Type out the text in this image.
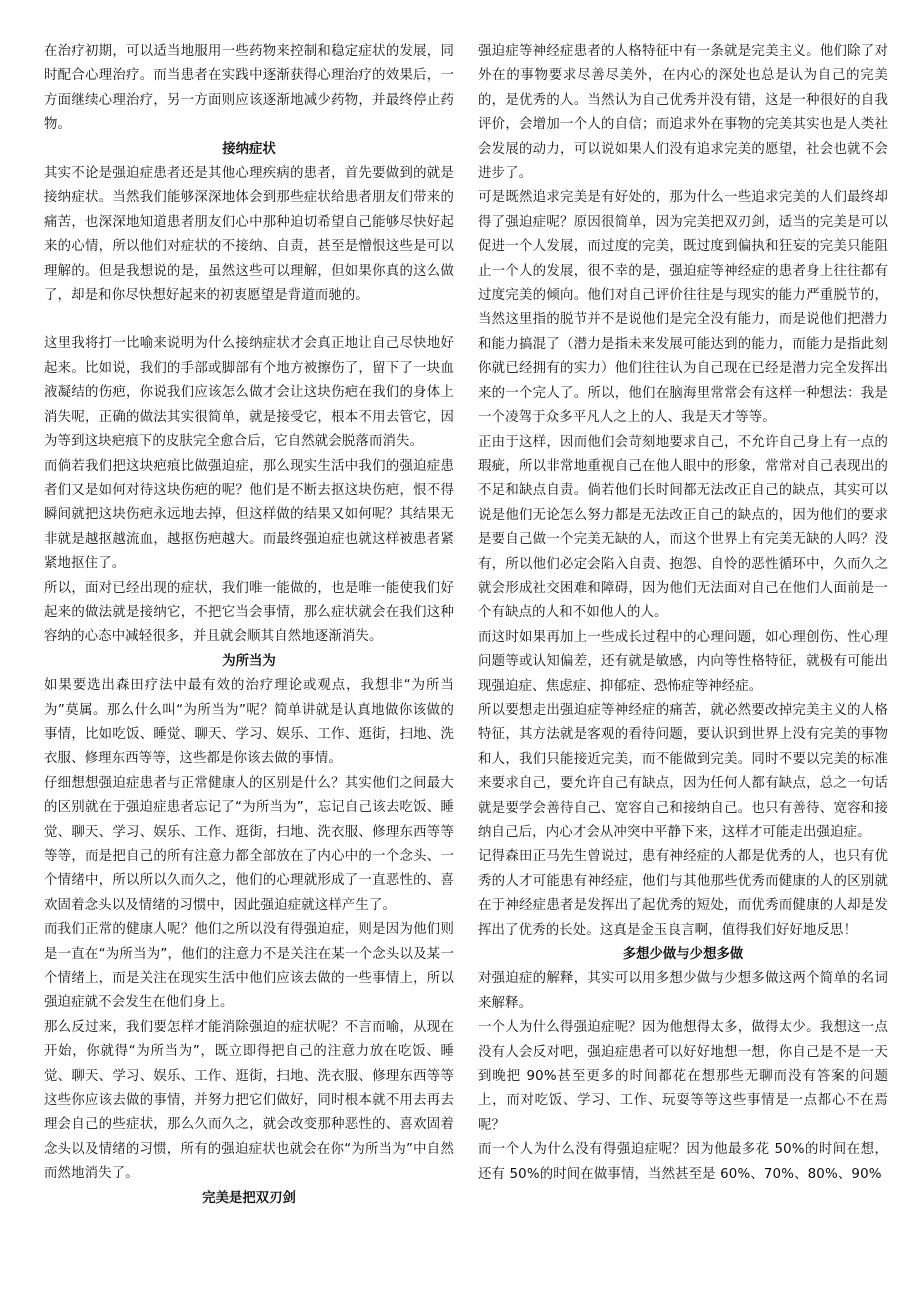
在治疗初期，可以适当地服用一些药物来控制和稳定症状的发展，同时配合心理治疗。而当患者在实践中逐渐获得心理治疗的效果后，一方面继续心理治疗，另一方面则应该逐渐地减少药物，并最终停止药物。

接纳症状

其实不论是强迫症患者还是其他心理疾病的患者，首先要做到的就是接纳症状。当然我们能够深深地体会到那些症状给患者朋友们带来的痛苦，也深深地知道患者朋友们心中那种迫切希望自己能够尽快好起来的心情，所以他们对症状的不接纳、自责，甚至是憎恨这些是可以理解的。但是我想说的是，虽然这些可以理解，但如果你真的这么做了，却是和你尽快想好起来的初衷愿望是背道而驰的。

这里我将打一比喻来说明为什么接纳症状才会真正地让自己尽快地好起来。比如说，我们的手部或脚部有个地方被擦伤了，留下了一块血液凝结的伤疤，你说我们应该怎么做才会让这块伤疤在我们的身体上消失呢，正确的做法其实很简单，就是接受它，根本不用去管它，因为等到这块疤痕下的皮肤完全愈合后，它自然就会脱落而消失。

而倘若我们把这块疤痕比做强迫症，那么现实生活中我们的强迫症患者们又是如何对待这块伤疤的呢？他们是不断去抠这块伤疤，恨不得瞬间就把这块伤疤永远地去掉，但这样做的结果又如何呢？其结果无非就是越抠越流血，越抠伤疤越大。而最终强迫症也就这样被患者紧紧地抠住了。

所以，面对已经出现的症状，我们唯一能做的，也是唯一能使我们好起来的做法就是接纳它，不把它当会事情，那么症状就会在我们这种容纳的心态中减轻很多，并且就会顺其自然地逐渐消失。

为所当为

如果要选出森田疗法中最有效的治疗理论或观点，我想非“为所当为”莫属。那么什么叫“为所当为”呢？简单讲就是认真地做你该做的事情，比如吃饭、睡觉、聊天、学习、娱乐、工作、逛街，扫地、洗衣服、修理东西等等，这些都是你该去做的事情。

仔细想想强迫症患者与正常健康人的区别是什么？其实他们之间最大的区别就在于强迫症患者忘记了“为所当为”，忘记自己该去吃饭、睡觉、聊天、学习、娱乐、工作、逛街，扫地、洗衣服、修理东西等等等等，而是把自己的所有注意力都全部放在了内心中的一个念头、一个情绪中，所以所以久而久之，他们的心理就形成了一直恶性的、喜欢固着念头以及情绪的习惯中，因此强迫症就这样产生了。

而我们正常的健康人呢？他们之所以没有得强迫症，则是因为他们则是一直在“为所当为”，他们的注意力不是关注在某一个念头以及某一个情绪上，而是关注在现实生活中他们应该去做的一些事情上，所以强迫症就不会发生在他们身上。

那么反过来，我们要怎样才能消除强迫的症状呢？不言而喻，从现在开始，你就得“为所当为”，既立即得把自己的注意力放在吃饭、睡觉、聊天、学习、娱乐、工作、逛街，扫地、洗衣服、修理东西等等这些你应该去做的事情，并努力把它们做好，同时根本就不用去再去理会自己的些症状，那么久而久之，就会改变那种恶性的、喜欢固着念头以及情绪的习惯，所有的强迫症状也就会在你“为所当为”中自然而然地消失了。

完美是把双刃剑

强迫症等神经症患者的人格特征中有一条就是完美主义。他们除了对外在的事物要求尽善尽美外，在内心的深处也总是认为自己的完美的，是优秀的人。当然认为自己优秀并没有错，这是一种很好的自我评价，会增加一个人的自信；而追求外在事物的完美其实也是人类社会发展的动力，可以说如果人们没有追求完美的愿望，社会也就不会进步了。

可是既然追求完美是有好处的，那为什么一些追求完美的人们最终却得了强迫症呢？原因很简单，因为完美把双刃剑，适当的完美是可以促进一个人发展，而过度的完美，既过度到偏执和狂妄的完美只能阻止一个人的发展，很不幸的是，强迫症等神经症的患者身上往往都有过度完美的倾向。他们对自己评价往往是与现实的能力严重脱节的，当然这里指的脱节并不是说他们是完全没有能力，而是说他们把潜力和能力搞混了（潜力是指未来发展可能达到的能力，而能力是指此刻你就已经拥有的实力）他们往往认为自己现在已经是潜力完全发挥出来的一个完人了。所以，他们在脑海里常常会有这样一种想法：我是一个凌驾于众多平凡人之上的人、我是天才等等。

正由于这样，因而他们会苛刻地要求自己，不允许自己身上有一点的瑕疵，所以非常地重视自己在他人眼中的形象，常常对自己表现出的不足和缺点自责。倘若他们长时间都无法改正自己的缺点，其实可以说是他们无论怎么努力都是无法改正自己的缺点的，因为他们的要求是要自己做一个完美无缺的人，而这个世界上有完美无缺的人吗？没有，所以他们必定会陷入自责、抱怨、自怜的恶性循环中，久而久之就会形成社交困难和障碍，因为他们无法面对自己在他们人面前是一个有缺点的人和不如他人的人。

而这时如果再加上一些成长过程中的心理问题，如心理创伤、性心理问题等或认知偏差，还有就是敏感，内向等性格特征，就极有可能出现强迫症、焦虑症、抑郁症、恐怖症等神经症。

所以要想走出强迫症等神经症的痛苦，就必然要改掉完美主义的人格特征，其方法就是客观的看待问题，要认识到世界上没有完美的事物和人，我们只能接近完美，而不能做到完美。同时不要以完美的标准来要求自己，要允许自己有缺点，因为任何人都有缺点，总之一句话就是要学会善待自己、宽容自己和接纳自己。也只有善待、宽容和接纳自己后，内心才会从冲突中平静下来，这样才可能走出强迫症。

记得森田正马先生曾说过，患有神经症的人都是优秀的人，也只有优秀的人才可能患有神经症，他们与其他那些优秀而健康的人的区别就在于神经症患者是发挥出了起优秀的短处，而优秀而健康的人却是发挥出了优秀的长处。这真是金玉良言啊，值得我们好好地反思！

多想少做与少想多做

对强迫症的解释，其实可以用多想少做与少想多做这两个简单的名词来解释。

一个人为什么得强迫症呢？因为他想得太多，做得太少。我想这一点没有人会反对吧，强迫症患者可以好好地想一想，你自己是不是一天到晚把 90%甚至更多的时间都花在想那些无聊而没有答案的问题上，而对吃饭、学习、工作、玩耍等等这些事情是一点都心不在焉呢？

而一个人为什么没有得强迫症呢？因为他最多花 50%的时间在想，还有 50%的时间在做事情，当然甚至是 60%、70%、80%、90%
